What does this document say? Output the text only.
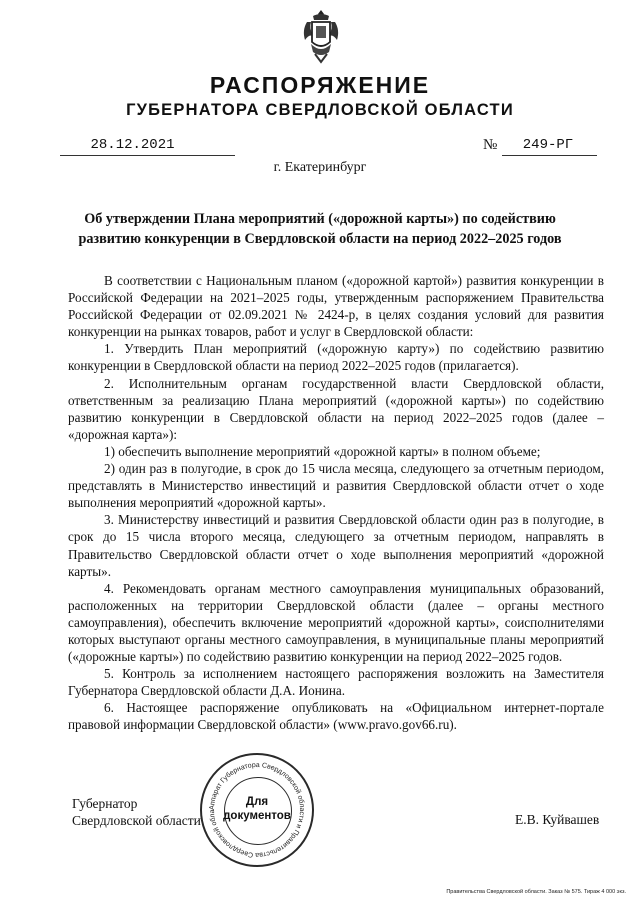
РАСПОРЯЖЕНИЕ
ГУБЕРНАТОРА СВЕРДЛОВСКОЙ ОБЛАСТИ
28.12.2021	№	249-РГ
г. Екатеринбург
Об утверждении Плана мероприятий («дорожной карты») по содействию развитию конкуренции в Свердловской области на период 2022–2025 годов

В соответствии с Национальным планом («дорожной картой») развития конкуренции в Российской Федерации на 2021–2025 годы, утвержденным распоряжением Правительства Российской Федерации от 02.09.2021 № 2424-р, в целях создания условий для развития конкуренции на рынках товаров, работ и услуг в Свердловской области:

1. Утвердить План мероприятий («дорожную карту») по содействию развитию конкуренции в Свердловской области на период 2022–2025 годов (прилагается).

2. Исполнительным органам государственной власти Свердловской области, ответственным за реализацию Плана мероприятий («дорожной карты») по содействию развитию конкуренции в Свердловской области на период 2022–2025 годов (далее – «дорожная карта»):

1) обеспечить выполнение мероприятий «дорожной карты» в полном объеме;

2) один раз в полугодие, в срок до 15 числа месяца, следующего за отчетным периодом, представлять в Министерство инвестиций и развития Свердловской области отчет о ходе выполнения мероприятий «дорожной карты».

3. Министерству инвестиций и развития Свердловской области один раз в полугодие, в срок до 15 числа второго месяца, следующего за отчетным периодом, направлять в Правительство Свердловской области отчет о ходе выполнения мероприятий «дорожной карты».

4. Рекомендовать органам местного самоуправления муниципальных образований, расположенных на территории Свердловской области (далее – органы местного самоуправления), обеспечить включение мероприятий «дорожной карты», соисполнителями которых выступают органы местного самоуправления, в муниципальные планы мероприятий («дорожные карты») по содействию развитию конкуренции на период 2022–2025 годов.

5. Контроль за исполнением настоящего распоряжения возложить на Заместителя Губернатора Свердловской области Д.А. Ионина.

6. Настоящее распоряжение опубликовать на «Официальном интернет-портале правовой информации Свердловской области» (www.pravo.gov66.ru).

Губернатор
Свердловской области	Е.В. Куйвашев
Аппарат Губернатора Свердловской области и Правительства Свердловской обла
Для
документов
Правительства Свердловской области. Заказ № 575. Тираж 4 000 экз.
